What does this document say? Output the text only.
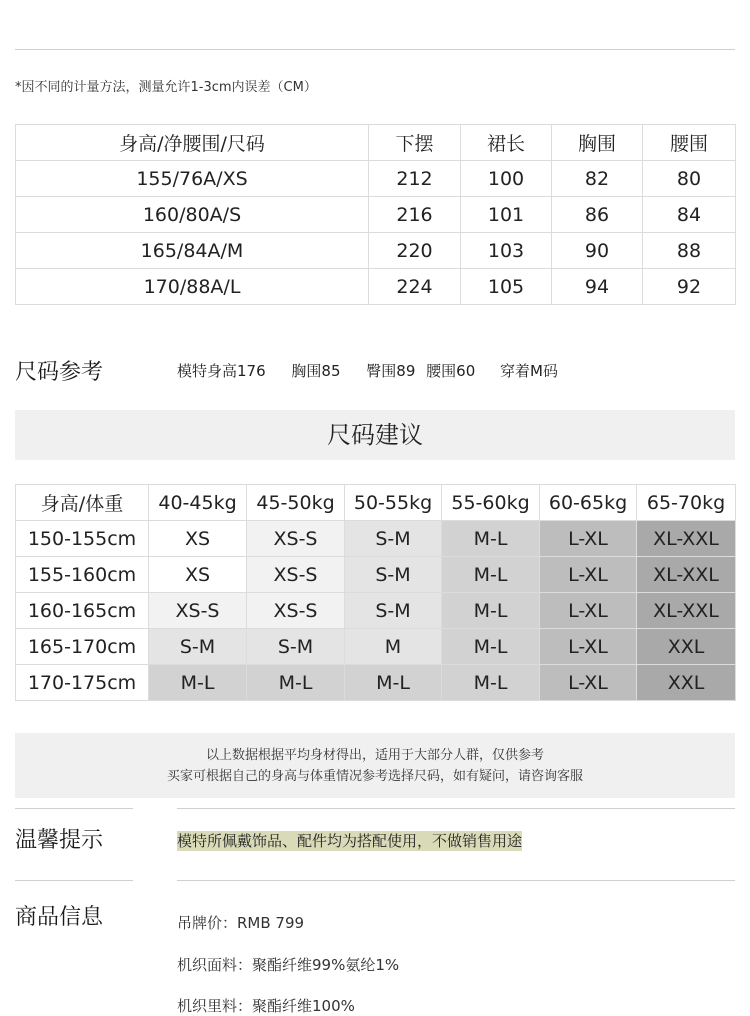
*因不同的计量方法，测量允许1-3cm内误差（CM）
身高/净腰围/尺码	下摆	裙长	胸围	腰围
155/76A/XS	212	100	82	80
160/80A/S	216	101	86	84
165/84A/M	220	103	90	88
170/88A/L	224	105	94	92
尺码参考	模特身高176 胸围85 臀围89 腰围60 穿着M码
尺码建议
身高/体重	40-45kg	45-50kg	50-55kg	55-60kg	60-65kg	65-70kg
150-155cm	XS	XS-S	S-M	M-L	L-XL	XL-XXL
155-160cm	XS	XS-S	S-M	M-L	L-XL	XL-XXL
160-165cm	XS-S	XS-S	S-M	M-L	L-XL	XL-XXL
165-170cm	S-M	S-M	M	M-L	L-XL	XXL
170-175cm	M-L	M-L	M-L	M-L	L-XL	XXL
以上数据根据平均身材得出，适用于大部分人群，仅供参考
买家可根据自己的身高与体重情况参考选择尺码，如有疑问，请咨询客服
温馨提示	模特所佩戴饰品、配件均为搭配使用，不做销售用途
商品信息	吊牌价：RMB 799
机织面料：聚酯纤维99%氨纶1%
机织里料：聚酯纤维100%
